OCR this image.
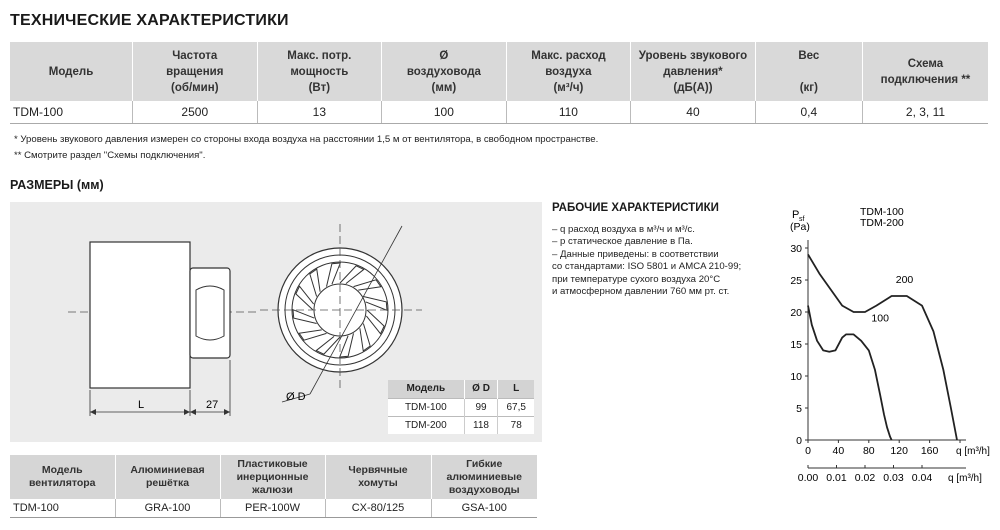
ТЕХНИЧЕСКИЕ ХАРАКТЕРИСТИКИ
Модель	Частота
вращения
(об/мин)	Макс. потр.
мощность
(Вт)	Ø
воздуховода
(мм)	Макс. расход
воздуха
(м³/ч)	Уровень звукового
давления*
(дБ(А))	Вес

(кг)	Схема
подключения **
TDM-100	2500	13	100	110	40	0,4	2, 3, 11
* Уровень звукового давления измерен со стороны входа воздуха на расстоянии 1,5 м от вентилятора, в свободном пространстве.
** Смотрите раздел "Схемы подключения".
РАЗМЕРЫ (мм)
L	27
Ø D
Модель	Ø D	L
TDM-100	99	67,5
TDM-200	118	78
Модель
вентилятора	Алюминиевая
решётка	Пластиковые
инерционные
жалюзи	Червячные хомуты	Гибкие
алюминиевые
воздуховоды
TDM-100	GRA-100	PER-100W	CX-80/125	GSA-100
РАБОЧИЕ ХАРАКТЕРИСТИКИ
– q расход воздуха в м³/ч и м³/с.
– p статическое давление в Па.
– Данные приведены: в соответствии
со стандартами: ISO 5801 и AMCA 210-99;
при температуре сухого воздуха 20°С
и атмосферном давлении 760 мм рт. ст.
0
5
10
15
20
25
30
0 40 80 120 160 q [m³/h]
0.00 0.01 0.02 0.03 0.04 q [m³/h]
P sf
(Pa)
TDM-100
TDM-200
100
200
